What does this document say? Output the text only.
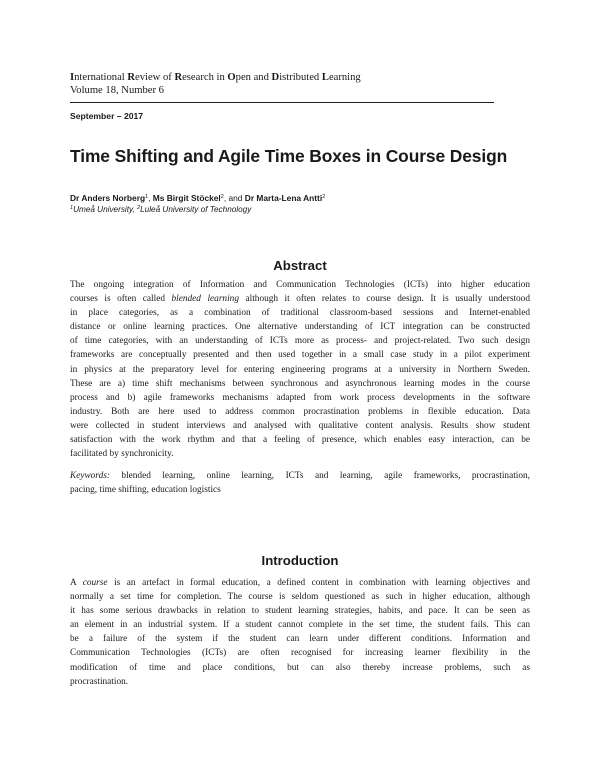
International Review of Research in Open and Distributed Learning
Volume 18, Number 6
September – 2017
Time Shifting and Agile Time Boxes in Course Design
Dr Anders Norberg$^1$, Ms Birgit Stöckel$^2$, and Dr Marta-Lena Antti$^2$
$^1$Umeå University, $^2$Luleå University of Technology
Abstract

The ongoing integration of Information and Communication Technologies (ICTs) into higher education
courses is often called blended learning although it often relates to course design. It is usually understood
in place categories, as a combination of traditional classroom-based sessions and Internet-enabled
distance or online learning practices. One alternative understanding of ICT integration can be constructed
of time categories, with an understanding of ICTs more as process- and project-related. Two such design
frameworks are conceptually presented and then used together in a small case study in a pilot experiment
in physics at the preparatory level for entering engineering programs at a university in Northern Sweden.
These are a) time shift mechanisms between synchronous and asynchronous learning modes in the course
process and b) agile frameworks mechanisms adapted from work process developments in the software
industry. Both are here used to address common procrastination problems in flexible education. Data
were collected in student interviews and analysed with qualitative content analysis. Results show student
satisfaction with the work rhythm and that a feeling of presence, which enables easy interaction, can be
facilitated by synchronicity.

Keywords: blended learning, online learning, ICTs and learning, agile frameworks, procrastination,
pacing, time shifting, education logistics

Introduction

A course is an artefact in formal education, a defined content in combination with learning objectives and
normally a set time for completion. The course is seldom questioned as such in higher education, although
it has some serious drawbacks in relation to student learning strategies, habits, and pace. It can be seen as
an element in an industrial system. If a student cannot complete in the set time, the student fails. This can
be a failure of the system if the student can learn under different conditions. Information and
Communication Technologies (ICTs) are often recognised for increasing learner flexibility in the
modification of time and place conditions, but can also thereby increase problems, such as
procrastination.
